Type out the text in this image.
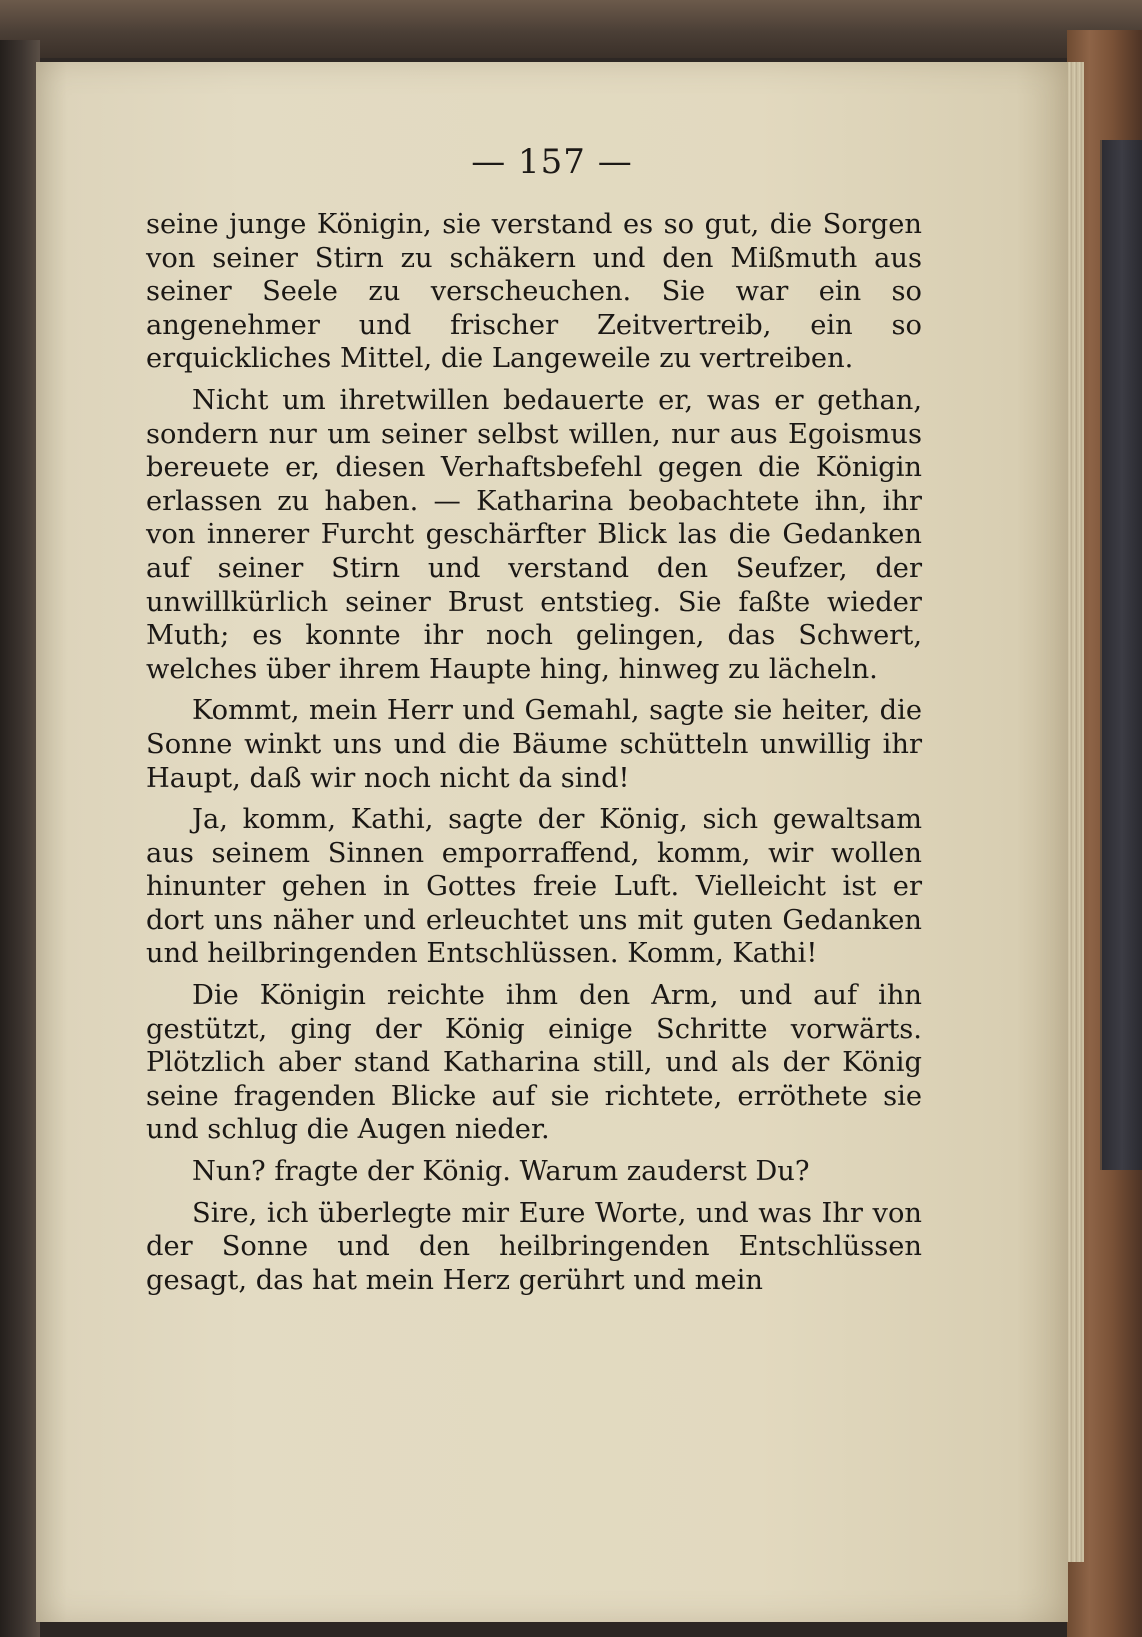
— 157 —

seine junge Königin, sie verstand es so gut, die Sorgen von seiner Stirn zu schäkern und den Mißmuth aus seiner Seele zu verscheuchen. Sie war ein so angenehmer und frischer Zeitvertreib, ein so erquickliches Mittel, die Langeweile zu vertreiben.

Nicht um ihretwillen bedauerte er, was er gethan, sondern nur um seiner selbst willen, nur aus Egoismus bereuete er, diesen Verhaftsbefehl gegen die Königin erlassen zu haben. — Katharina beobachtete ihn, ihr von innerer Furcht geschärfter Blick las die Gedanken auf seiner Stirn und verstand den Seufzer, der unwillkürlich seiner Brust entstieg. Sie faßte wieder Muth; es konnte ihr noch gelingen, das Schwert, welches über ihrem Haupte hing, hinweg zu lächeln.

Kommt, mein Herr und Gemahl, sagte sie heiter, die Sonne winkt uns und die Bäume schütteln unwillig ihr Haupt, daß wir noch nicht da sind!

Ja, komm, Kathi, sagte der König, sich gewaltsam aus seinem Sinnen emporraffend, komm, wir wollen hinunter gehen in Gottes freie Luft. Vielleicht ist er dort uns näher und erleuchtet uns mit guten Gedanken und heilbringenden Entschlüssen. Komm, Kathi!

Die Königin reichte ihm den Arm, und auf ihn gestützt, ging der König einige Schritte vorwärts. Plötzlich aber stand Katharina still, und als der König seine fragenden Blicke auf sie richtete, erröthete sie und schlug die Augen nieder.

Nun? fragte der König. Warum zauderst Du?

Sire, ich überlegte mir Eure Worte, und was Ihr von der Sonne und den heilbringenden Entschlüssen gesagt, das hat mein Herz gerührt und mein
